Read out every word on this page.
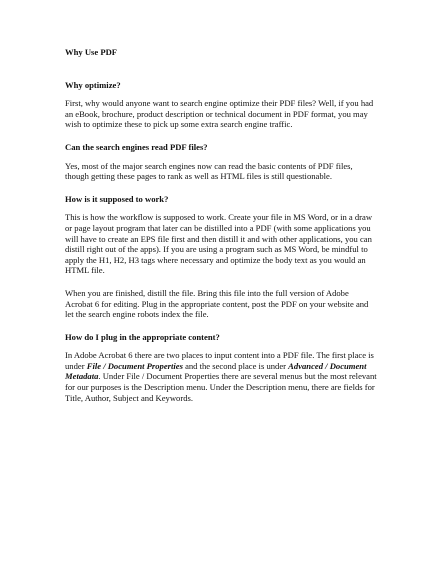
Why Use PDF
Why optimize?

First, why would anyone want to search engine optimize their PDF files? Well, if you had an eBook, brochure, product description or technical document in PDF format, you may wish to optimize these to pick up some extra search engine traffic.

Can the search engines read PDF files?

Yes, most of the major search engines now can read the basic contents of PDF files, though getting these pages to rank as well as HTML files is still questionable.

How is it supposed to work?

This is how the workflow is supposed to work. Create your file in MS Word, or in a draw or page layout program that later can be distilled into a PDF (with some applications you will have to create an EPS file first and then distill it and with other applications, you can distill right out of the apps). If you are using a program such as MS Word, be mindful to apply the H1, H2, H3 tags where necessary and optimize the body text as you would an HTML file.

When you are finished, distill the file. Bring this file into the full version of Adobe Acrobat 6 for editing. Plug in the appropriate content, post the PDF on your website and let the search engine robots index the file.

How do I plug in the appropriate content?

In Adobe Acrobat 6 there are two places to input content into a PDF file. The first place is under File / Document Properties and the second place is under Advanced / Document Metadata. Under File / Document Properties there are several menus but the most relevant for our purposes is the Description menu. Under the Description menu, there are fields for Title, Author, Subject and Keywords.
